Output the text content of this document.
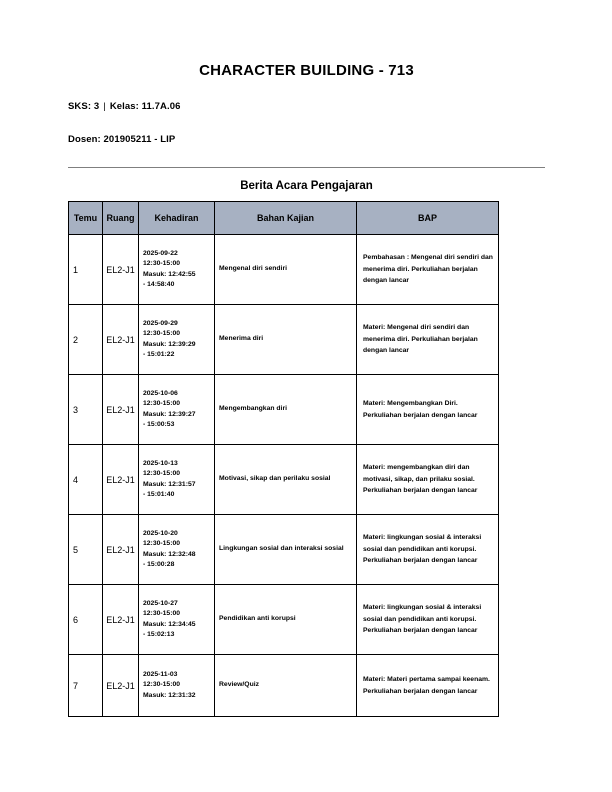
CHARACTER BUILDING - 713

SKS: 3 | Kelas: 11.7A.06

Dosen: 201905211 - LIP

Berita Acara Pengajaran
Temu	Ruang	Kehadiran	Bahan Kajian	BAP
1	EL2-J1	2025-09-22
12:30-15:00
Masuk: 12:42:55
- 14:58:40	Mengenal diri sendiri	Pembahasan : Mengenal diri sendiri dan menerima diri. Perkuliahan berjalan dengan lancar
2	EL2-J1	2025-09-29
12:30-15:00
Masuk: 12:39:29
- 15:01:22	Menerima diri	Materi: Mengenal diri sendiri dan menerima diri. Perkuliahan berjalan dengan lancar
3	EL2-J1	2025-10-06
12:30-15:00
Masuk: 12:39:27
- 15:00:53	Mengembangkan diri	Materi: Mengembangkan Diri. Perkuliahan berjalan dengan lancar
4	EL2-J1	2025-10-13
12:30-15:00
Masuk: 12:31:57
- 15:01:40	Motivasi, sikap dan perilaku sosial	Materi: mengembangkan diri dan motivasi, sikap, dan prilaku sosial. Perkuliahan berjalan dengan lancar
5	EL2-J1	2025-10-20
12:30-15:00
Masuk: 12:32:48
- 15:00:28	Lingkungan sosial dan interaksi sosial	Materi: lingkungan sosial & interaksi sosial dan pendidikan anti korupsi. Perkuliahan berjalan dengan lancar
6	EL2-J1	2025-10-27
12:30-15:00
Masuk: 12:34:45
- 15:02:13	Pendidikan anti korupsi	Materi: lingkungan sosial & interaksi sosial dan pendidikan anti korupsi. Perkuliahan berjalan dengan lancar
7	EL2-J1	2025-11-03
12:30-15:00
Masuk: 12:31:32	Review/Quiz	Materi: Materi pertama sampai keenam. Perkuliahan berjalan dengan lancar
